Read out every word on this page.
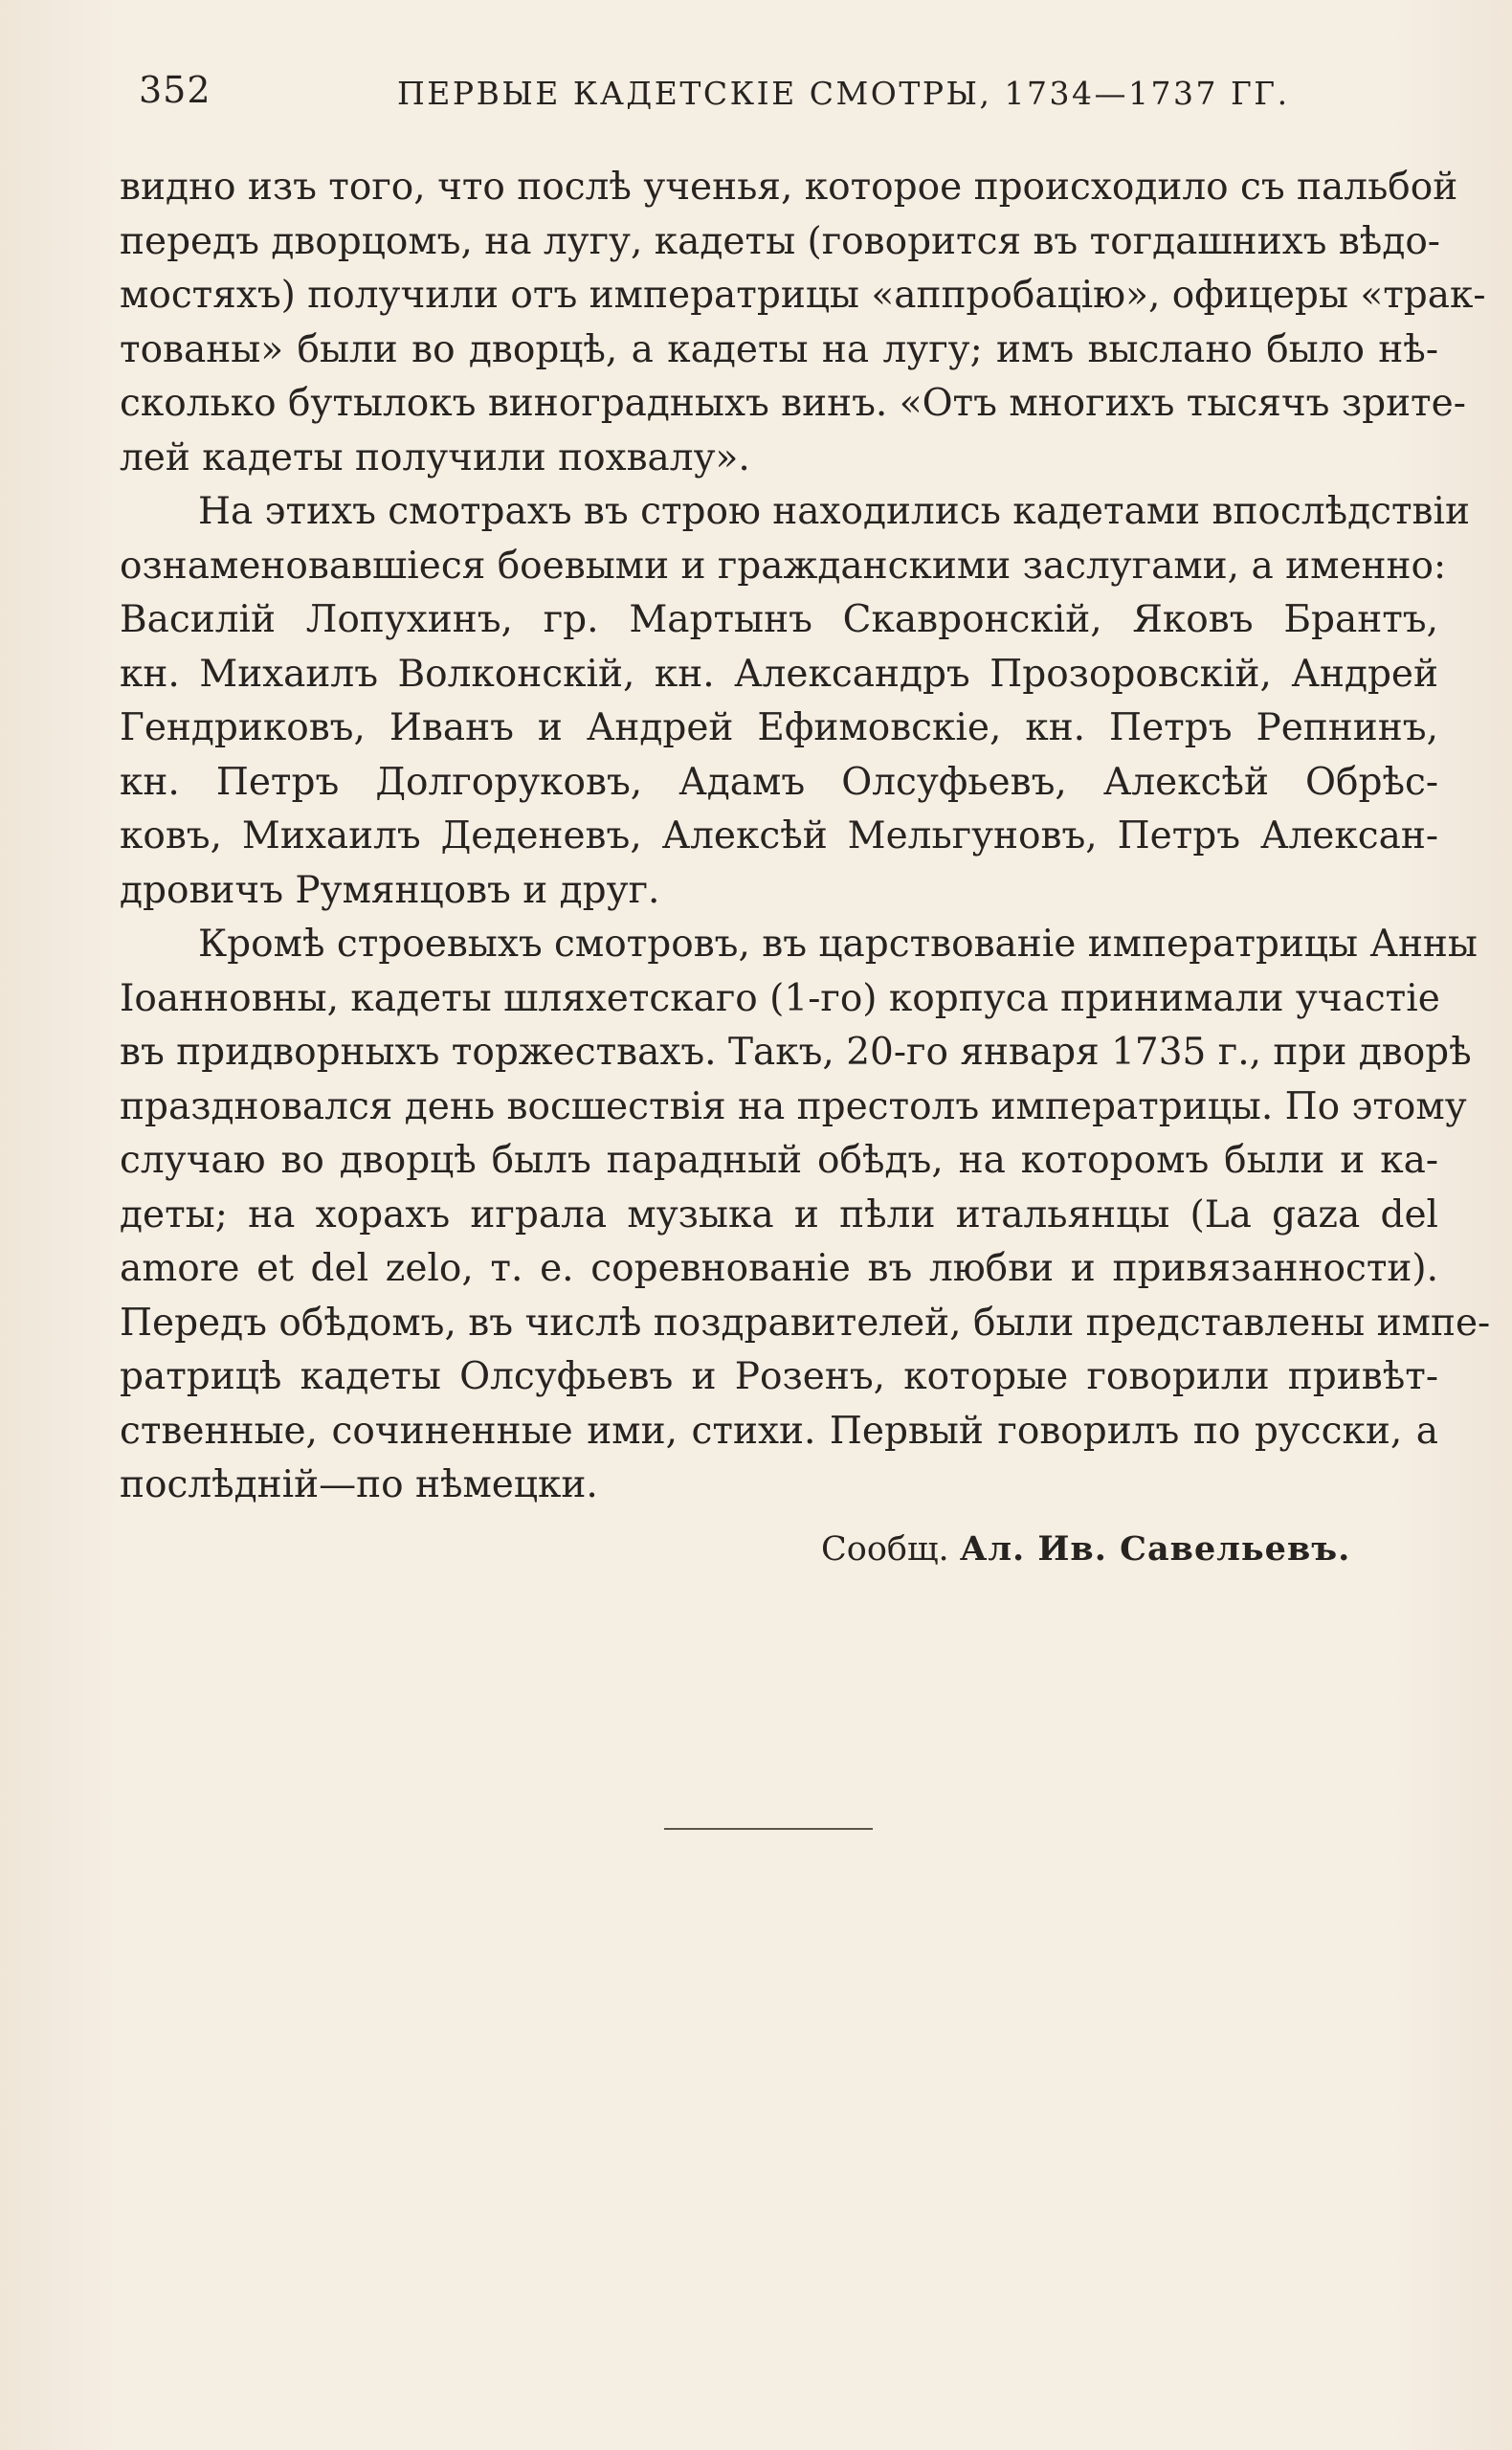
352	ПЕРВЫЕ КАДЕТСКIЕ СМОТРЫ, 1734—1737 ГГ.
видно изъ того, что послѣ ученья, которое происходило съ пальбой
передъ дворцомъ, на лугу, кадеты (говорится въ тогдашнихъ вѣдо-
мостяхъ) получили отъ императрицы «аппробацiю», офицеры «трак-
тованы» были во дворцѣ, а кадеты на лугу; имъ выслано было нѣ-
сколько бутылокъ виноградныхъ винъ. «Отъ многихъ тысячъ зрите-
лей кадеты получили похвалу».
На этихъ смотрахъ въ строю находились кадетами впослѣдствiи
ознаменовавшiеся боевыми и гражданскими заслугами, а именно:
Василiй Лопухинъ, гр. Мартынъ Скавронскiй, Яковъ Брантъ,
кн. Михаилъ Волконскiй, кн. Александръ Прозоровскiй, Андрей
Гендриковъ, Иванъ и Андрей Ефимовскiе, кн. Петръ Репнинъ,
кн. Петръ Долгоруковъ, Адамъ Олсуфьевъ, Алексѣй Обрѣс-
ковъ, Михаилъ Деденевъ, Алексѣй Мельгуновъ, Петръ Алексан-
дровичъ Румянцовъ и друг.
Кромѣ строевыхъ смотровъ, въ царствованiе императрицы Анны
Iоанновны, кадеты шляхетскаго (1-го) корпуса принимали участiе
въ придворныхъ торжествахъ. Такъ, 20-го января 1735 г., при дворѣ
праздновался день восшествiя на престолъ императрицы. По этому
случаю во дворцѣ былъ парадный обѣдъ, на которомъ были и ка-
деты; на хорахъ играла музыка и пѣли итальянцы (La gaza del
amore et del zelo, т. е. соревнованiе въ любви и привязанности).
Передъ обѣдомъ, въ числѣ поздравителей, были представлены импе-
ратрицѣ кадеты Олсуфьевъ и Розенъ, которые говорили привѣт-
ственные, сочиненные ими, стихи. Первый говорилъ по русски, а
послѣднiй—по нѣмецки.
Сообщ. Ал. Ив. Савельевъ.
